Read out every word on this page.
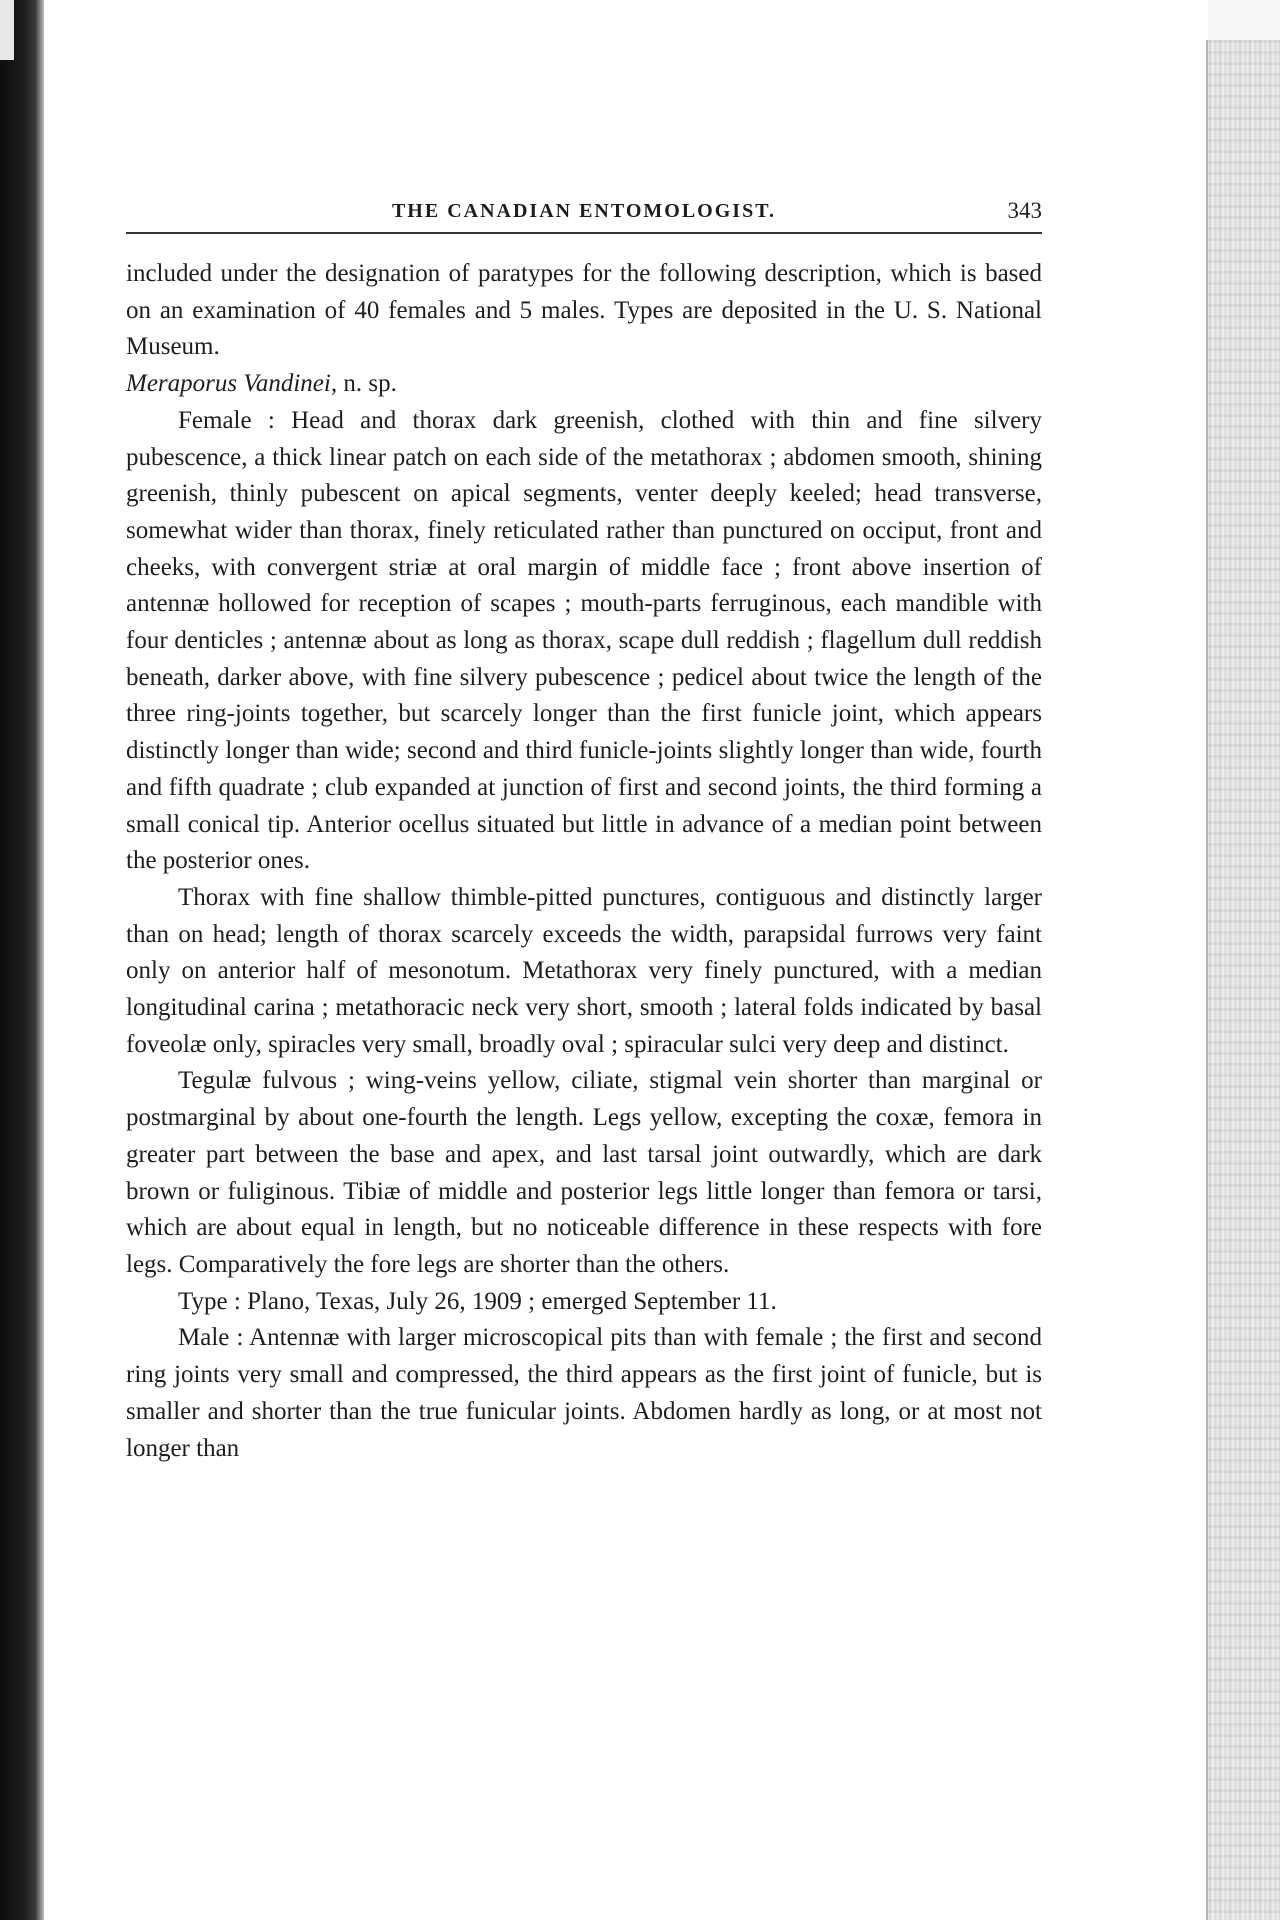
THE CANADIAN ENTOMOLOGIST.	343

included under the designation of paratypes for the following description, which is based on an examination of 40 females and 5 males. Types are deposited in the U. S. National Museum.

Meraporus Vandinei, n. sp.

Female : Head and thorax dark greenish, clothed with thin and fine silvery pubescence, a thick linear patch on each side of the metathorax ; abdomen smooth, shining greenish, thinly pubescent on apical segments, venter deeply keeled; head transverse, somewhat wider than thorax, finely reticulated rather than punctured on occiput, front and cheeks, with convergent striæ at oral margin of middle face ; front above insertion of antennæ hollowed for reception of scapes ; mouth-parts ferruginous, each mandible with four denticles ; antennæ about as long as thorax, scape dull reddish ; flagellum dull reddish beneath, darker above, with fine silvery pubescence ; pedicel about twice the length of the three ring-joints together, but scarcely longer than the first funicle joint, which appears distinctly longer than wide; second and third funicle-joints slightly longer than wide, fourth and fifth quadrate ; club expanded at junction of first and second joints, the third forming a small conical tip. Anterior ocellus situated but little in advance of a median point between the posterior ones.

Thorax with fine shallow thimble-pitted punctures, contiguous and distinctly larger than on head; length of thorax scarcely exceeds the width, parapsidal furrows very faint only on anterior half of mesonotum. Metathorax very finely punctured, with a median longitudinal carina ; metathoracic neck very short, smooth ; lateral folds indicated by basal foveolæ only, spiracles very small, broadly oval ; spiracular sulci very deep and distinct.

Tegulæ fulvous ; wing-veins yellow, ciliate, stigmal vein shorter than marginal or postmarginal by about one-fourth the length. Legs yellow, excepting the coxæ, femora in greater part between the base and apex, and last tarsal joint outwardly, which are dark brown or fuliginous. Tibiæ of middle and posterior legs little longer than femora or tarsi, which are about equal in length, but no noticeable difference in these respects with fore legs. Comparatively the fore legs are shorter than the others.

Type : Plano, Texas, July 26, 1909 ; emerged September 11.

Male : Antennæ with larger microscopical pits than with female ; the first and second ring joints very small and compressed, the third appears as the first joint of funicle, but is smaller and shorter than the true funicular joints. Abdomen hardly as long, or at most not longer than
